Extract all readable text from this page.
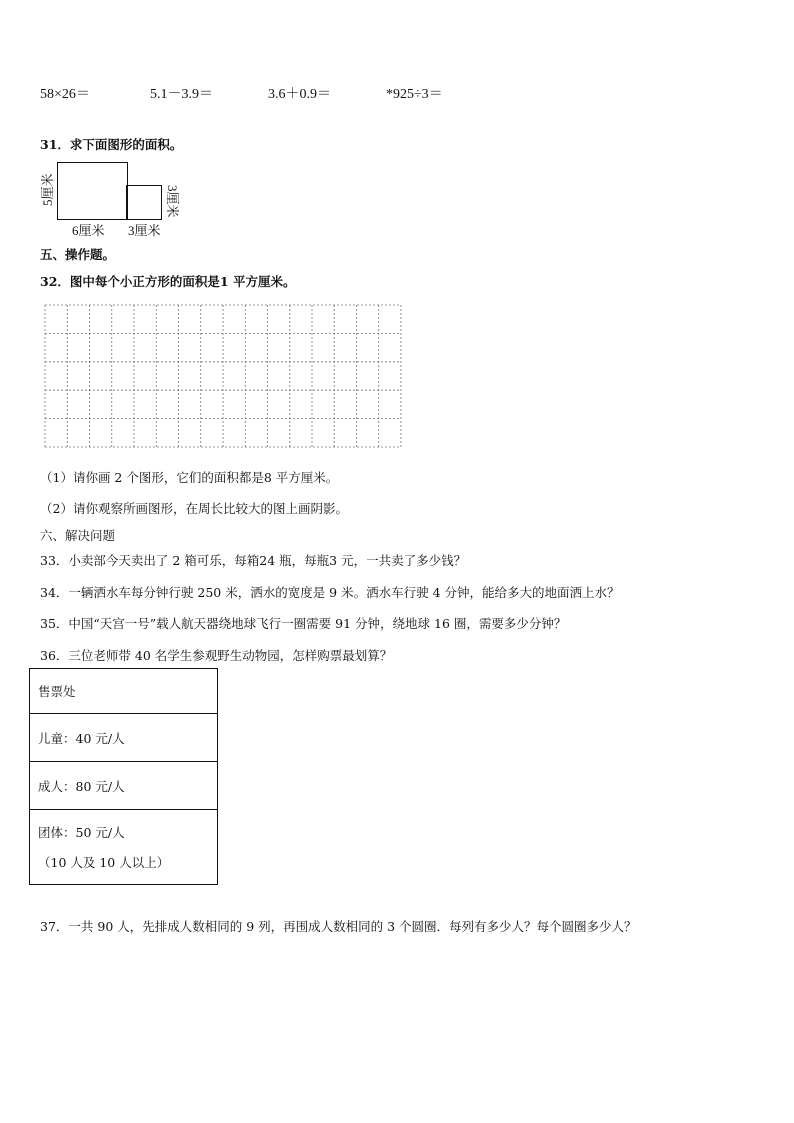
58×26＝	5.1－3.9＝	3.6＋0.9＝	*925÷3＝
31．求下面图形的面积。
5厘米
6厘米 3厘米
3厘米
五、操作题。
32．图中每个小正方形的面积是1 平方厘米。
（1）请你画 2 个图形，它们的面积都是8 平方厘米。
（2）请你观察所画图形，在周长比较大的图上画阴影。
六、解决问题
33．小卖部今天卖出了 2 箱可乐，每箱24 瓶，每瓶3 元，一共卖了多少钱？
34．一辆洒水车每分钟行驶 250 米，洒水的宽度是 9 米。洒水车行驶 4 分钟，能给多大的地面洒上水？
35．中国“天宫一号”载人航天器绕地球飞行一圈需要 91 分钟，绕地球 16 圈，需要多少分钟？
36．三位老师带 40 名学生参观野生动物园，怎样购票最划算？
售票处
儿童：40 元/人
成人：80 元/人
团体：50 元/人
（10 人及 10 人以上）
37．一共 90 人，先排成人数相同的 9 列，再围成人数相同的 3 个圆圈．每列有多少人？每个圆圈多少人？
